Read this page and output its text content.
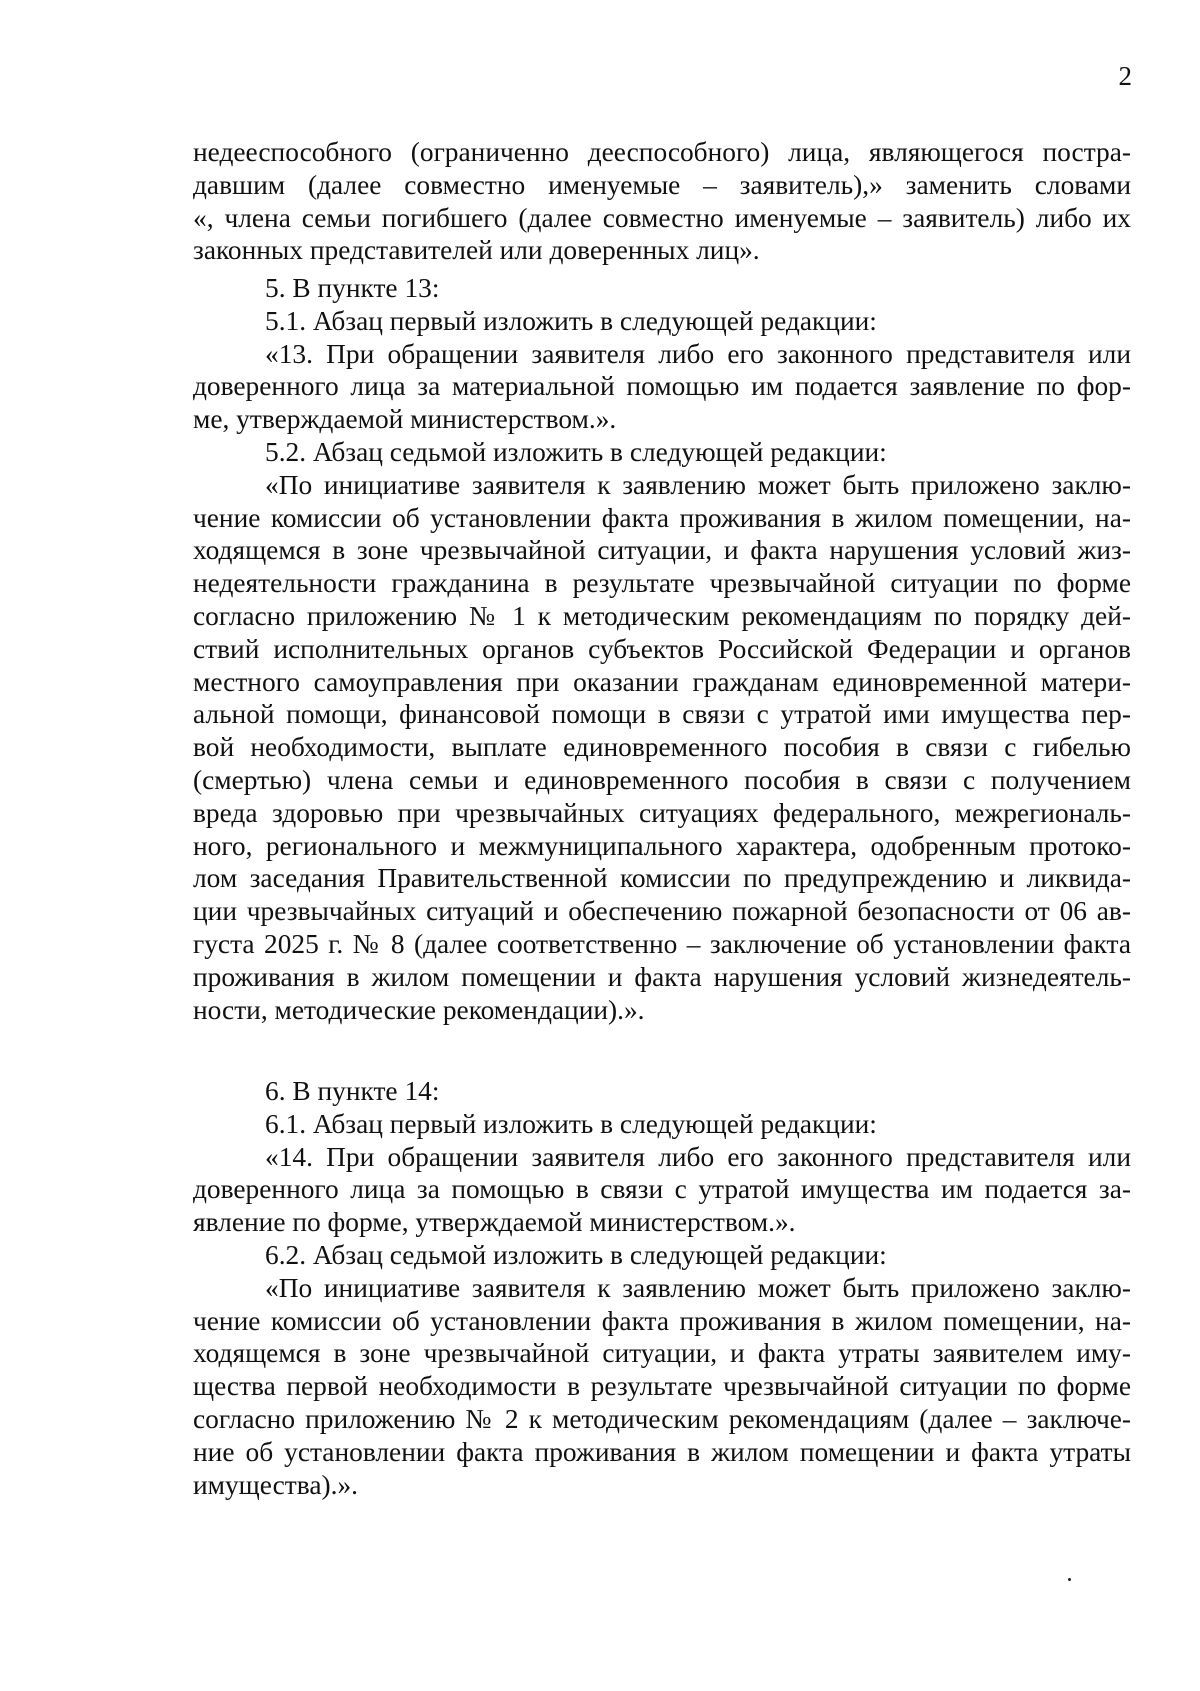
2
недееспособного (ограниченно дееспособного) лица, являющегося постра-
давшим (далее совместно именуемые – заявитель),» заменить словами
«, члена семьи погибшего (далее совместно именуемые – заявитель) либо их
законных представителей или доверенных лиц».
5. В пункте 13:
5.1. Абзац первый изложить в следующей редакции:
«13. При обращении заявителя либо его законного представителя или
доверенного лица за материальной помощью им подается заявление по фор-
ме, утверждаемой министерством.».
5.2. Абзац седьмой изложить в следующей редакции:
«По инициативе заявителя к заявлению может быть приложено заклю-
чение комиссии об установлении факта проживания в жилом помещении, на-
ходящемся в зоне чрезвычайной ситуации, и факта нарушения условий жиз-
недеятельности гражданина в результате чрезвычайной ситуации по форме
согласно приложению № 1 к методическим рекомендациям по порядку дей-
ствий исполнительных органов субъектов Российской Федерации и органов
местного самоуправления при оказании гражданам единовременной матери-
альной помощи, финансовой помощи в связи с утратой ими имущества пер-
вой необходимости, выплате единовременного пособия в связи с гибелью
(смертью) члена семьи и единовременного пособия в связи с получением
вреда здоровью при чрезвычайных ситуациях федерального, межрегиональ-
ного, регионального и межмуниципального характера, одобренным протоко-
лом заседания Правительственной комиссии по предупреждению и ликвида-
ции чрезвычайных ситуаций и обеспечению пожарной безопасности от 06 ав-
густа 2025 г. № 8 (далее соответственно – заключение об установлении факта
проживания в жилом помещении и факта нарушения условий жизнедеятель-
ности, методические рекомендации).».
6. В пункте 14:
6.1. Абзац первый изложить в следующей редакции:
«14. При обращении заявителя либо его законного представителя или
доверенного лица за помощью в связи с утратой имущества им подается за-
явление по форме, утверждаемой министерством.».
6.2. Абзац седьмой изложить в следующей редакции:
«По инициативе заявителя к заявлению может быть приложено заклю-
чение комиссии об установлении факта проживания в жилом помещении, на-
ходящемся в зоне чрезвычайной ситуации, и факта утраты заявителем иму-
щества первой необходимости в результате чрезвычайной ситуации по форме
согласно приложению № 2 к методическим рекомендациям (далее – заключе-
ние об установлении факта проживания в жилом помещении и факта утраты
имущества).».
